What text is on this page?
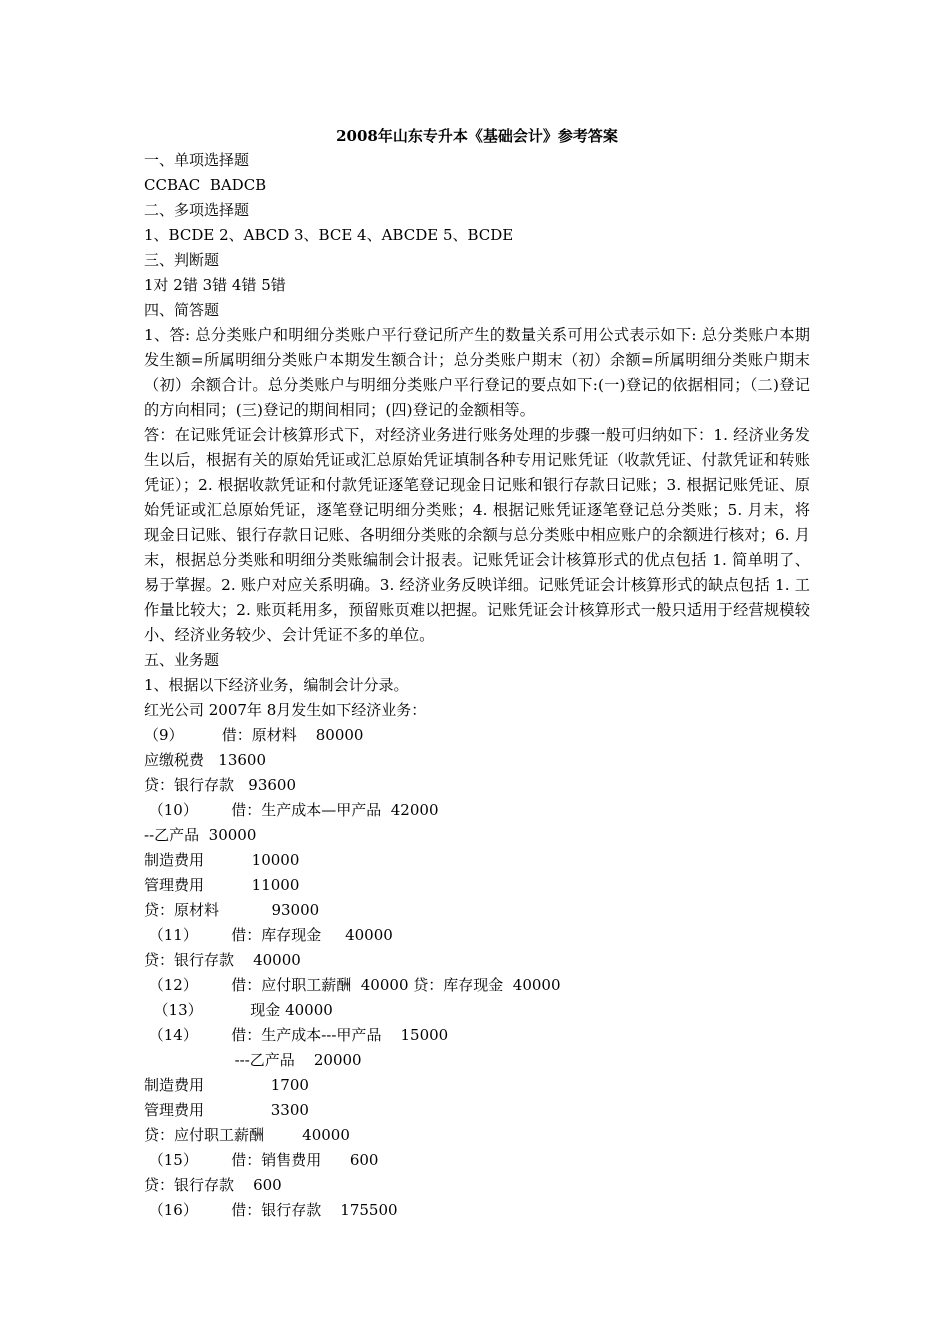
2008年山东专升本《基础会计》参考答案
一、单项选择题
CCBAC  BADCB
二、多项选择题
1、BCDE 2、ABCD 3、BCE 4、ABCDE 5、BCDE
三、判断题
1对 2错 3错 4错 5错
四、简答题

1、答: 总分类账户和明细分类账户平行登记所产生的数量关系可用公式表示如下: 总分类账户本期发生额=所属明细分类账户本期发生额合计；总分类账户期末（初）余额=所属明细分类账户期末（初）余额合计。总分类账户与明细分类账户平行登记的要点如下:(一)登记的依据相同；（二)登记的方向相同；(三)登记的期间相同；(四)登记的金额相等。

答：在记账凭证会计核算形式下，对经济业务进行账务处理的步骤一般可归纳如下：1. 经济业务发生以后，根据有关的原始凭证或汇总原始凭证填制各种专用记账凭证（收款凭证、付款凭证和转账凭证）；2. 根据收款凭证和付款凭证逐笔登记现金日记账和银行存款日记账；3. 根据记账凭证、原始凭证或汇总原始凭证，逐笔登记明细分类账；4. 根据记账凭证逐笔登记总分类账；5. 月末，将现金日记账、银行存款日记账、各明细分类账的余额与总分类账中相应账户的余额进行核对；6. 月末，根据总分类账和明细分类账编制会计报表。记账凭证会计核算形式的优点包括 1. 简单明了、易于掌握。2. 账户对应关系明确。3. 经济业务反映详细。记账凭证会计核算形式的缺点包括 1. 工作量比较大；2. 账页耗用多，预留账页难以把握。记账凭证会计核算形式一般只适用于经营规模较小、经济业务较少、会计凭证不多的单位。

五、业务题
1、根据以下经济业务，编制会计分录。
红光公司 2007年 8月发生如下经济业务：
（9）        借：原材料    80000
应缴税费   13600
贷：银行存款   93600
（10）       借：生产成本—甲产品  42000
--乙产品  30000
制造费用          10000
管理费用          11000
贷：原材料           93000
（11）       借：库存现金     40000
贷：银行存款    40000
（12）       借：应付职工薪酬  40000 贷：库存现金  40000
（13）          现金 40000
（14）       借：生产成本---甲产品    15000
---乙产品    20000
制造费用              1700
管理费用              3300
贷：应付职工薪酬        40000
（15）       借：销售费用      600
贷：银行存款    600
（16）       借：银行存款    175500
